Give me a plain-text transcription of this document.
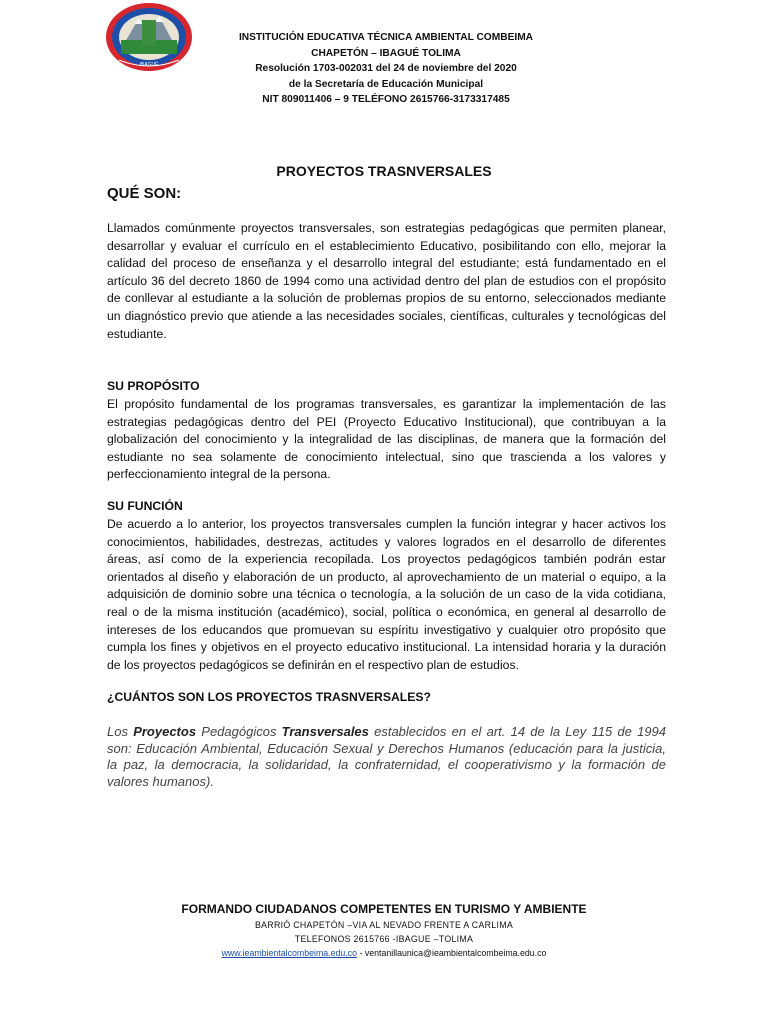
IBAGUÉ
INSTITUCIÓN EDUCATIVA TÉCNICA AMBIENTAL COMBEIMA
CHAPETÓN – IBAGUÉ TOLIMA
Resolución 1703-002031 del 24 de noviembre del 2020
de la Secretaría de Educación Municipal
NIT 809011406 – 9 TELÉFONO 2615766-3173317485
PROYECTOS TRASNVERSALES
QUÉ SON:
Llamados comúnmente proyectos transversales, son estrategias pedagógicas que permiten planear, desarrollar y evaluar el currículo en el establecimiento Educativo, posibilitando con ello, mejorar la calidad del proceso de enseñanza y el desarrollo integral del estudiante; está fundamentado en el artículo 36 del decreto 1860 de 1994 como una actividad dentro del plan de estudios con el propósito de conllevar al estudiante a la solución de problemas propios de su entorno, seleccionados mediante un diagnóstico previo que atiende a las necesidades sociales, científicas, culturales y tecnológicas del estudiante.
SU PROPÓSITO
El propósito fundamental de los programas transversales, es garantizar la implementación de las estrategias pedagógicas dentro del PEI (Proyecto Educativo Institucional), que contribuyan a la globalización del conocimiento y la integralidad de las disciplinas, de manera que la formación del estudiante no sea solamente de conocimiento intelectual, sino que trascienda a los valores y perfeccionamiento integral de la persona.
SU FUNCIÓN
De acuerdo a lo anterior, los proyectos transversales cumplen la función integrar y hacer activos los conocimientos, habilidades, destrezas, actitudes y valores logrados en el desarrollo de diferentes áreas, así como de la experiencia recopilada. Los proyectos pedagógicos también podrán estar orientados al diseño y elaboración de un producto, al aprovechamiento de un material o equipo, a la adquisición de dominio sobre una técnica o tecnología, a la solución de un caso de la vida cotidiana, real o de la misma institución (académico), social, política o económica, en general al desarrollo de intereses de los educandos que promuevan su espíritu investigativo y cualquier otro propósito que cumpla los fines y objetivos en el proyecto educativo institucional. La intensidad horaria y la duración de los proyectos pedagógicos se definirán en el respectivo plan de estudios.
¿CUÁNTOS SON LOS PROYECTOS TRASNVERSALES?
Los Proyectos Pedagógicos Transversales establecidos en el art. 14 de la Ley 115 de 1994 son: Educación Ambiental, Educación Sexual y Derechos Humanos (educación para la justicia, la paz, la democracia, la solidaridad, la confraternidad, el cooperativismo y la formación de valores humanos).
FORMANDO CIUDADANOS COMPETENTES EN TURISMO Y AMBIENTE
BARRIÓ CHAPETÓN –VIA AL NEVADO FRENTE A CARLIMA
TELEFONOS 2615766 -IBAGUE –TOLIMA
www.ieambientalcombeima.edu.co - ventanillaunica@ieambientalcombeima.edu.co
